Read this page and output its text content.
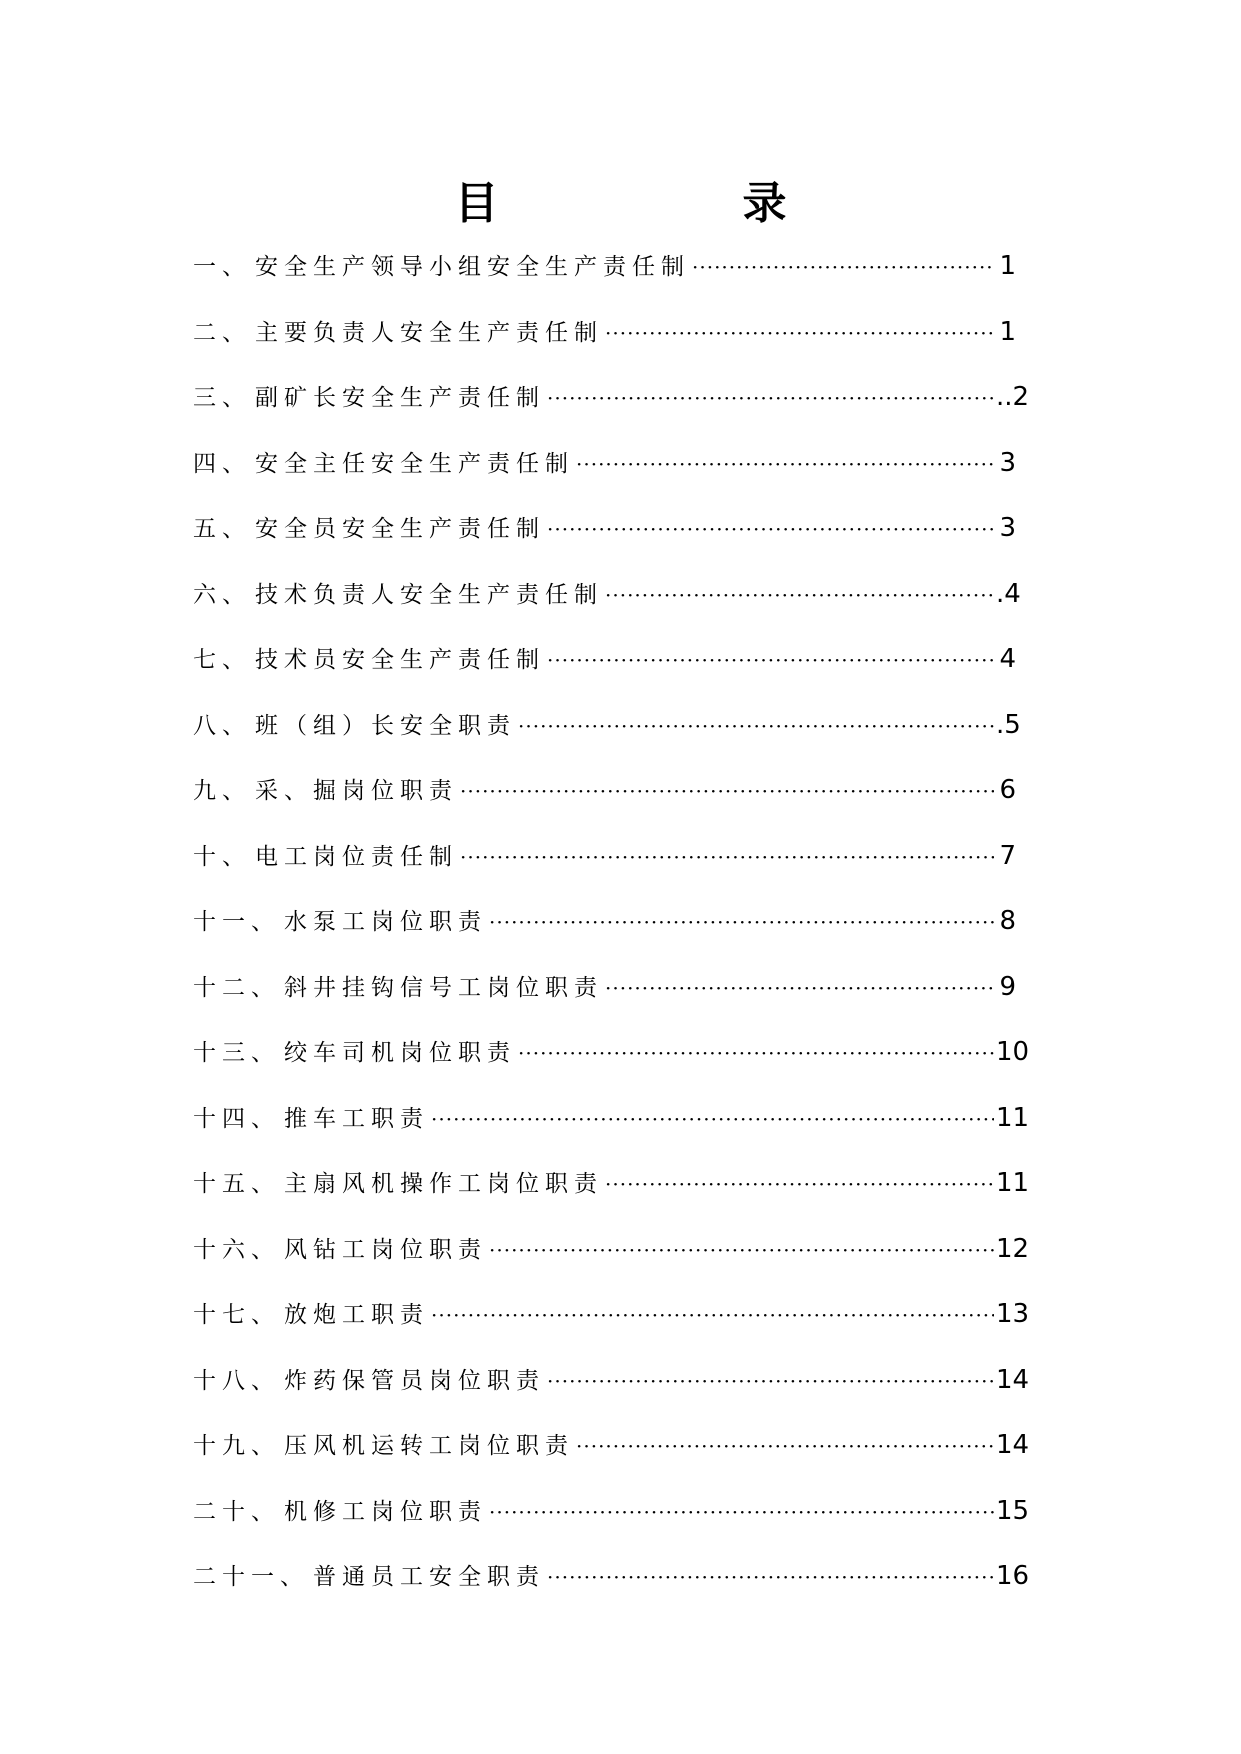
目　录
一 、 安全生产领导小组安全生产责任制 ·····	1
二 、 主要负责人安全生产责任制 ·····	1
三 、 副矿长安全生产责任制 ·····	..2
四 、 安全主任安全生产责任制 ·····	3
五 、 安全员安全生产责任制 ·····	3
六 、 技术负责人安全生产责任制 ·····	.4
七 、 技术员安全生产责任制 ·····	4
八 、 班（组）长安全职责 ·····	.5
九 、 采、掘岗位职责 ·····	6
十 、 电工岗位责任制 ·····	7
十一 、 水泵工岗位职责 ·····	8
十二 、 斜井挂钩信号工岗位职责 ·····	9
十三 、 绞车司机岗位职责 ·····	10
十四 、 推车工职责 ·····	11
十五 、 主扇风机操作工岗位职责 ·····	11
十六 、 风钻工岗位职责 ·····	12
十七 、 放炮工职责 ·····	13
十八 、 炸药保管员岗位职责 ·····	14
十九 、 压风机运转工岗位职责 ·····	14
二十 、 机修工岗位职责 ·····	15
二十一 、 普通员工安全职责 ·····	16
